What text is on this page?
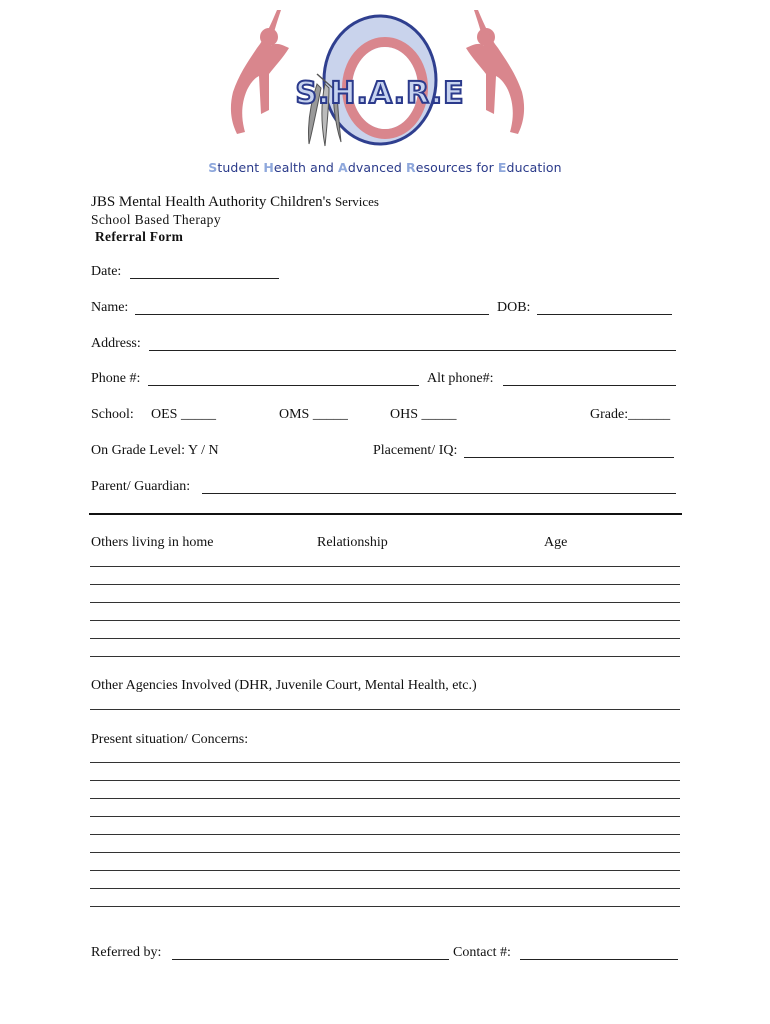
S.H.A.R.E
Student Health and Advanced Resources for Education
JBS Mental Health Authority Children's Services
School Based Therapy
Referral Form
Date:
Name:	DOB:
Address:
Phone #:	Alt phone#:
School: OES _____	OMS _____	OHS _____	Grade:______
On Grade Level: Y / N	Placement/ IQ:
Parent/ Guardian:
Others living in home	Relationship	Age
Other Agencies Involved (DHR, Juvenile Court, Mental Health, etc.)
Present situation/ Concerns:
Referred by:	Contact #:
